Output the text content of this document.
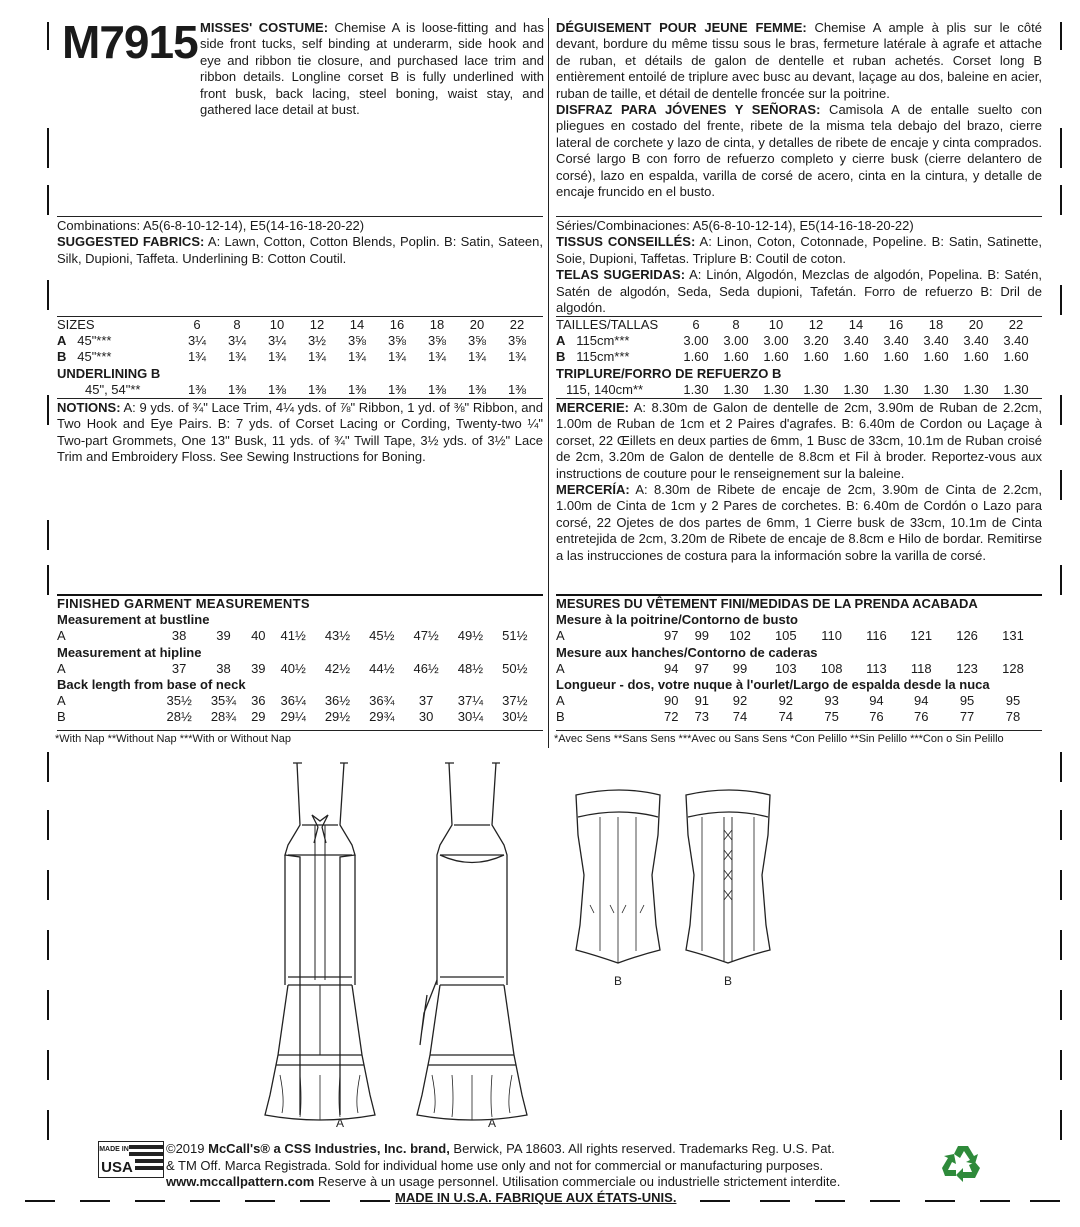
M7915 MISSES' COSTUME: Chemise A is loose-fitting and has side front tucks, self binding at underarm, side hook and eye and ribbon tie closure, and purchased lace trim and ribbon details. Longline corset B is fully underlined with front busk, back lacing, steel boning, waist stay, and gathered lace detail at bust.
DÉGUISEMENT POUR JEUNE FEMME: Chemise A ample à plis sur le côté devant, bordure du même tissu sous le bras, fermeture latérale à agrafe et attache de ruban, et détails de galon de dentelle et ruban achetés. Corset long B entièrement entoilé de triplure avec busc au devant, laçage au dos, baleine en acier, ruban de taille, et détail de dentelle froncée sur la poitrine.
DISFRAZ PARA JÓVENES Y SEÑORAS: Camisola A de entalle suelto con pliegues en costado del frente, ribete de la misma tela debajo del brazo, cierre lateral de corchete y lazo de cinta, y detalles de ribete de encaje y cinta comprados. Corsé largo B con forro de refuerzo completo y cierre busk (cierre delantero de corsé), lazo en espalda, varilla de corsé de acero, cinta en la cintura, y detalle de encaje fruncido en el busto.
Combinations: A5(6-8-10-12-14), E5(14-16-18-20-22)
SUGGESTED FABRICS: A: Lawn, Cotton, Cotton Blends, Poplin. B: Satin, Sateen, Silk, Dupioni, Taffeta. Underlining B: Cotton Coutil.
Séries/Combinaciones: A5(6-8-10-12-14), E5(14-16-18-20-22)
TISSUS CONSEILLÉS: A: Linon, Coton, Cotonnade, Popeline. B: Satin, Satinette, Soie, Dupioni, Taffetas. Triplure B: Coutil de coton.
TELAS SUGERIDAS: A: Linón, Algodón, Mezclas de algodón, Popelina. B: Satén, Satén de algodón, Seda, Seda dupioni, Tafetán. Forro de refuerzo B: Dril de algodón.
SIZES	6	8	10	12	14	16	18	20	22
A 45"***	3¼	3¼	3¼	3½	3⅝	3⅝	3⅝	3⅝	3⅝
B 45"***	1¾	1¾	1¾	1¾	1¾	1¾	1¾	1¾	1¾
UNDERLINING B									
45", 54"**	1⅜	1⅜	1⅜	1⅜	1⅜	1⅜	1⅜	1⅜	1⅜
TAILLES/TALLAS	6	8	10	12	14	16	18	20	22
A 115cm***	3.00	3.00	3.00	3.20	3.40	3.40	3.40	3.40	3.40
B 115cm***	1.60	1.60	1.60	1.60	1.60	1.60	1.60	1.60	1.60
TRIPLURE/FORRO DE REFUERZO B									
115, 140cm**	1.30	1.30	1.30	1.30	1.30	1.30	1.30	1.30	1.30
NOTIONS: A: 9 yds. of ¾" Lace Trim, 4¼ yds. of ⅞" Ribbon, 1 yd. of ⅜" Ribbon, and Two Hook and Eye Pairs. B: 7 yds. of Corset Lacing or Cording, Twenty-two ¼" Two-part Grommets, One 13" Busk, 11 yds. of ¾" Twill Tape, 3½ yds. of 3½" Lace Trim and Embroidery Floss. See Sewing Instructions for Boning.
MERCERIE: A: 8.30m de Galon de dentelle de 2cm, 3.90m de Ruban de 2.2cm, 1.00m de Ruban de 1cm et 2 Paires d'agrafes. B: 6.40m de Cordon ou Laçage à corset, 22 Œillets en deux parties de 6mm, 1 Busc de 33cm, 10.1m de Ruban croisé de 2cm, 3.20m de Galon de dentelle de 8.8cm et Fil à broder. Reportez-vous aux instructions de couture pour le renseignement sur la baleine.
MERCERÍA: A: 8.30m de Ribete de encaje de 2cm, 3.90m de Cinta de 2.2cm, 1.00m de Cinta de 1cm y 2 Pares de corchetes. B: 6.40m de Cordón o Lazo para corsé, 22 Ojetes de dos partes de 6mm, 1 Cierre busk de 33cm, 10.1m de Cinta entretejida de 2cm, 3.20m de Ribete de encaje de 8.8cm e Hilo de bordar. Remitirse a las instrucciones de costura para la información sobre la varilla de corsé.
FINISHED GARMENT MEASUREMENTS									
Measurement at bustline									
A	38	39	40	41½	43½	45½	47½	49½	51½
Measurement at hipline									
A	37	38	39	40½	42½	44½	46½	48½	50½
Back length from base of neck									
A	35½	35¾	36	36¼	36½	36¾	37	37¼	37½
B	28½	28¾	29	29¼	29½	29¾	30	30¼	30½
*With Nap **Without Nap ***With or Without Nap
MESURES DU VÊTEMENT FINI/MEDIDAS DE LA PRENDA ACABADA									
Mesure à la poitrine/Contorno de busto									
A	97	99	102	105	110	116	121	126	131
Mesure aux hanches/Contorno de caderas									
A	94	97	99	103	108	113	118	123	128
Longueur - dos, votre nuque à l'ourlet/Largo de espalda desde la nuca									
A	90	91	92	92	93	94	94	95	95
B	72	73	74	74	75	76	76	77	78
*Avec Sens **Sans Sens ***Avec ou Sans Sens *Con Pelillo **Sin Pelillo ***Con o Sin Pelillo
A	A
B	B
MADE IN
USA
©2019 McCall's® a CSS Industries, Inc. brand, Berwick, PA 18603. All rights reserved. Trademarks Reg. U.S. Pat.
& TM Off. Marca Registrada. Sold for individual home use only and not for commercial or manufacturing purposes.
www.mccallpattern.com Reserve à un usage personnel. Utilisation commerciale ou industrielle strictement interdite.
MADE IN U.S.A. FABRIQUE AUX ÉTATS-UNIS.
